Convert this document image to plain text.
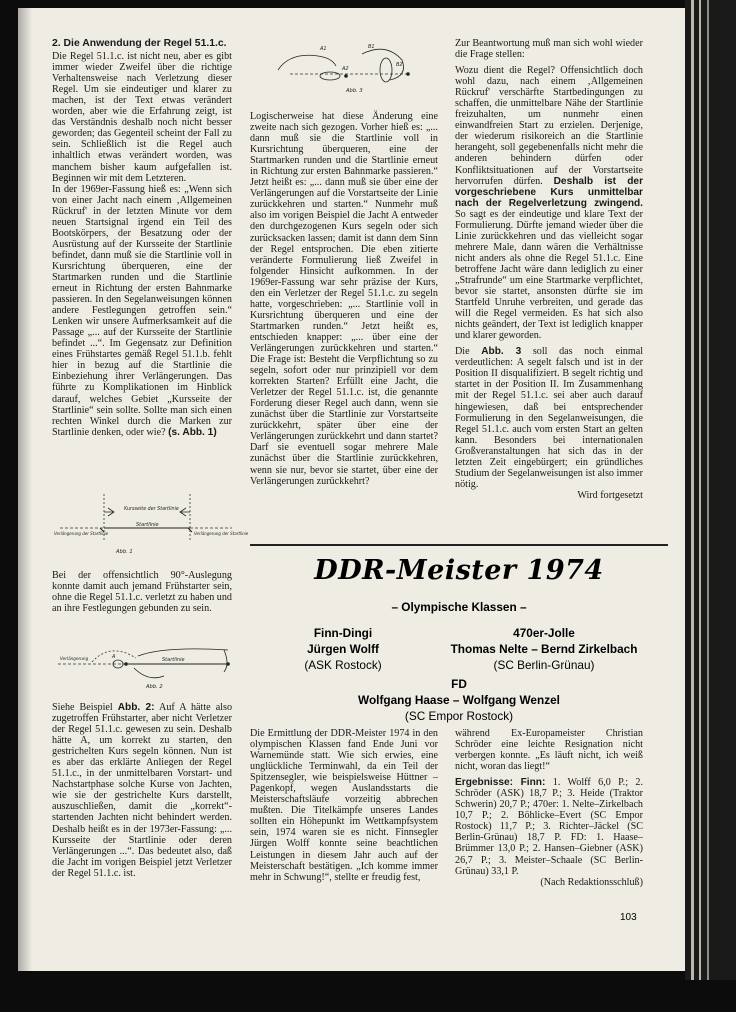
2. Die Anwendung der Regel 51.1.c.

Die Regel 51.1.c. ist nicht neu, aber es gibt immer wieder Zweifel über die richtige Verhaltensweise nach Verletzung dieser Regel. Um sie eindeutiger und klarer zu machen, ist der Text etwas verändert worden, aber wie die Erfahrung zeigt, ist das Verständnis deshalb noch nicht besser geworden; das Gegenteil scheint der Fall zu sein. Schließlich ist die Regel auch inhaltlich etwas verändert worden, was manchem bisher kaum aufgefallen ist. Beginnen wir mit dem Letzteren.

In der 1969er-Fassung hieß es: „Wenn sich von einer Jacht nach einem ‚Allgemeinen Rückruf' in der letzten Minute vor dem neuen Startsignal irgend ein Teil des Bootskörpers, der Besatzung oder der Ausrüstung auf der Kursseite der Startlinie befindet, dann muß sie die Startlinie voll in Kursrichtung überqueren, eine der Startmarken runden und die Startlinie erneut in Richtung der ersten Bahnmarke passieren. In den Segelanweisungen können andere Festlegungen getroffen sein.“ Lenken wir unsere Aufmerksamkeit auf die Passage „... auf der Kursseite der Startlinie befindet ...“. Im Gegensatz zur Definition eines Frühstartes gemäß Regel 51.1.b. fehlt hier in bezug auf die Startlinie die Einbeziehung ihrer Verlängerungen. Das führte zu Komplikationen im Hinblick darauf, welches Gebiet „Kursseite der Startlinie“ sein sollte. Sollte man sich einen rechten Winkel durch die Marken zur Startlinie denken, oder wie? (s. Abb. 1)

Kursseite der Startlinie
Startlinie
Verlängerung der Startlinie	Verlängerung der Startlinie
Abb. 1

Bei der offensichtlich 90°-Auslegung konnte damit auch jemand Frühstarter sein, ohne die Regel 51.1.c. verletzt zu haben und an ihre Festlegungen gebunden zu sein.

Verlängerung	Startlinie
A
Abb. 2

Siehe Beispiel Abb. 2: Auf A hätte also zugetroffen Frühstarter, aber nicht Verletzer der Regel 51.1.c. gewesen zu sein. Deshalb hätte A, um korrekt zu starten, den gestrichelten Kurs segeln können. Nun ist es aber das erklärte Anliegen der Regel 51.1.c., in der unmittelbaren Vorstart- und Nachstartphase solche Kurse von Jachten, wie sie der gestrichelte Kurs darstellt, auszuschließen, damit die „korrekt“-startenden Jachten nicht behindert werden. Deshalb heißt es in der 1973er-Fassung: „... Kursseite der Startlinie oder deren Verlängerungen ...“. Das bedeutet also, daß die Jacht im vorigen Beispiel jetzt Verletzer der Regel 51.1.c. ist.

A1	B1
A2
B2
Abb. 3

Logischerweise hat diese Änderung eine zweite nach sich gezogen. Vorher hieß es: „... dann muß sie die Startlinie voll in Kursrichtung überqueren, eine der Startmarken runden und die Startlinie erneut in Richtung zur ersten Bahnmarke passieren.“ Jetzt heißt es: „... dann muß sie über eine der Verlängerungen auf die Vorstartseite der Linie zurückkehren und starten.“ Nunmehr muß also im vorigen Beispiel die Jacht A entweder den durchgezogenen Kurs segeln oder sich zurücksacken lassen; damit ist dann dem Sinn der Regel entsprochen. Die eben zitierte veränderte Formulierung ließ Zweifel in folgender Hinsicht aufkommen. In der 1969er-Fassung war sehr präzise der Kurs, den ein Verletzer der Regel 51.1.c. zu segeln hatte, vorgeschrieben: „... Startlinie voll in Kursrichtung überqueren und eine der Startmarken runden.“ Jetzt heißt es, entschieden knapper: „... über eine der Verlängerungen zurückkehren und starten.“ Die Frage ist: Besteht die Verpflichtung so zu segeln, sofort oder nur prinzipiell vor dem korrekten Starten? Erfüllt eine Jacht, die Verletzer der Regel 51.1.c. ist, die genannte Forderung dieser Regel auch dann, wenn sie zunächst über die Startlinie zur Vorstartseite zurückkehrt, später über eine der Verlängerungen zurückkehrt und dann startet? Darf sie eventuell sogar mehrere Male zunächst über die Startlinie zurückkehren, wenn sie nur, bevor sie startet, über eine der Verlängerungen zurückkehrt?

Zur Beantwortung muß man sich wohl wieder die Frage stellen:

Wozu dient die Regel? Offensichtlich doch wohl dazu, nach einem ‚Allgemeinen Rückruf' verschärfte Startbedingungen zu schaffen, die unmittelbare Nähe der Startlinie freizuhalten, um nunmehr einen einwandfreien Start zu erzielen. Derjenige, der wiederum risikoreich an die Startlinie herangeht, soll gegebenenfalls nicht mehr die anderen behindern dürfen oder Konfliktsituationen auf der Vorstartseite hervorrufen dürfen. Deshalb ist der vorgeschriebene Kurs unmittelbar nach der Regelverletzung zwingend. So sagt es der eindeutige und klare Text der Formulierung. Dürfte jemand wieder über die Linie zurückkehren und das vielleicht sogar mehrere Male, dann wären die Verhältnisse nicht anders als ohne die Regel 51.1.c. Eine betroffene Jacht wäre dann lediglich zu einer „Strafrunde“ um eine Startmarke verpflichtet, bevor sie startet, ansonsten dürfte sie im Startfeld Unruhe verbreiten, und gerade das will die Regel vermeiden. Es hat sich also nichts geändert, der Text ist lediglich knapper und klarer geworden.

Die Abb. 3 soll das noch einmal verdeutlichen: A segelt falsch und ist in der Position II disqualifiziert. B segelt richtig und startet in der Position II. Im Zusammenhang mit der Regel 51.1.c. sei aber auch darauf hingewiesen, daß bei entsprechender Formulierung in den Segelanweisungen, die Regel 51.1.c. auch vom ersten Start an gelten kann. Besonders bei internationalen Großveranstaltungen hat sich das in der letzten Zeit eingebürgert; ein gründliches Studium der Segelanweisungen ist also immer nötig.

Wird fortgesetzt

DDR-Meister 1974
– Olympische Klassen –
Finn-Dingi
Jürgen Wolff
(ASK Rostock)
470er-Jolle
Thomas Nelte – Bernd Zirkelbach
(SC Berlin-Grünau)
FD
Wolfgang Haase – Wolfgang Wenzel
(SC Empor Rostock)

Die Ermittlung der DDR-Meister 1974 in den olympischen Klassen fand Ende Juni vor Warnemünde statt. Wie sich erwies, eine unglückliche Terminwahl, da ein Teil der Spitzensegler, wie beispielsweise Hüttner – Pagenkopf, wegen Auslandsstarts die Meisterschaftsläufe vorzeitig abbrechen mußten. Die Titelkämpfe unseres Landes sollten ein Höhepunkt im Wettkampfsystem sein, 1974 waren sie es nicht. Finnsegler Jürgen Wolff konnte seine beachtlichen Leistungen in diesem Jahr auch auf der Meisterschaft bestätigen. „Ich komme immer mehr in Schwung!“, stellte er freudig fest,

während Ex-Europameister Christian Schröder eine leichte Resignation nicht verbergen konnte. „Es läuft nicht, ich weiß nicht, woran das liegt!“

Ergebnisse: Finn: 1. Wolff 6,0 P.; 2. Schröder (ASK) 18,7 P.; 3. Heide (Traktor Schwerin) 20,7 P.; 470er: 1. Nelte–Zirkelbach 10,7 P.; 2. Böhlicke–Evert (SC Empor Rostock) 11,7 P.; 3. Richter–Jäckel (SC Berlin-Grünau) 18,7 P. FD: 1. Haase–Brümmer 13,0 P.; 2. Hansen–Giebner (ASK) 26,7 P.; 3. Meister–Schaale (SC Berlin-Grünau) 33,1 P.

(Nach Redaktionsschluß)

103
